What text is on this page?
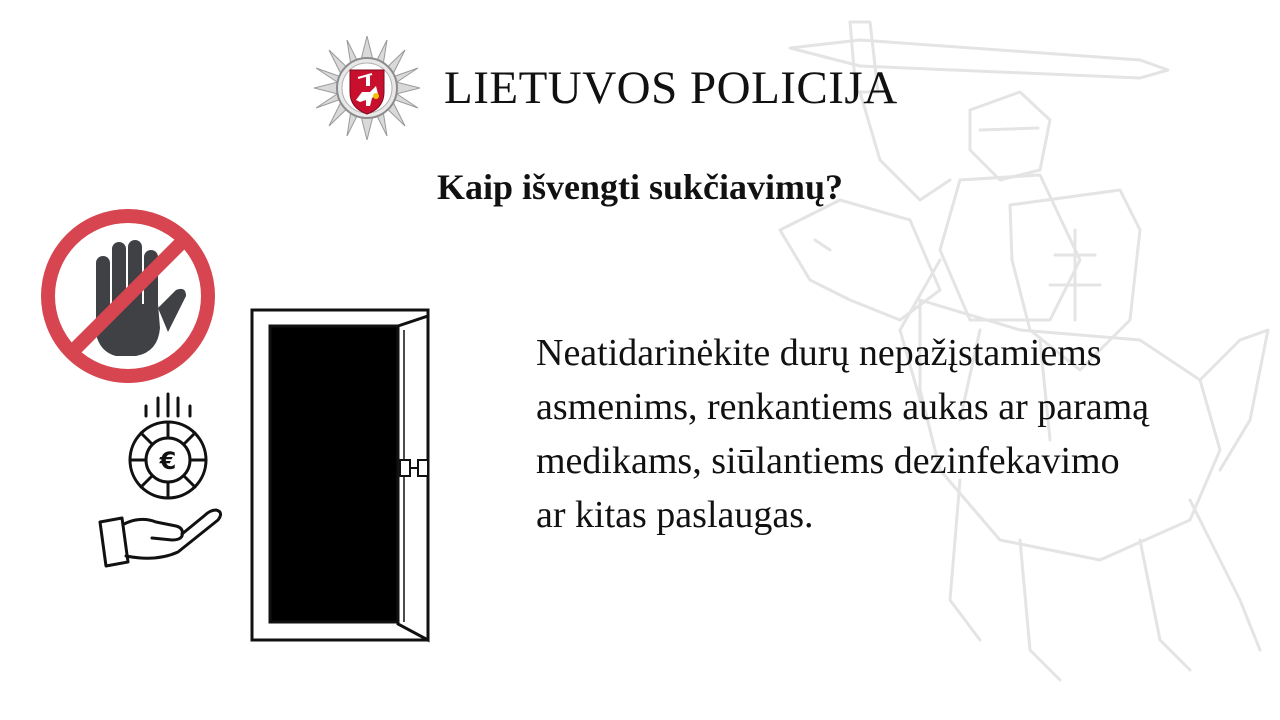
LIETUVOS POLICIJA
Kaip išvengti sukčiavimų?
€
Neatidarinėkite durų nepažįstamiems
asmenims, renkantiems aukas ar paramą
medikams, siūlantiems dezinfekavimo
ar kitas paslaugas.
